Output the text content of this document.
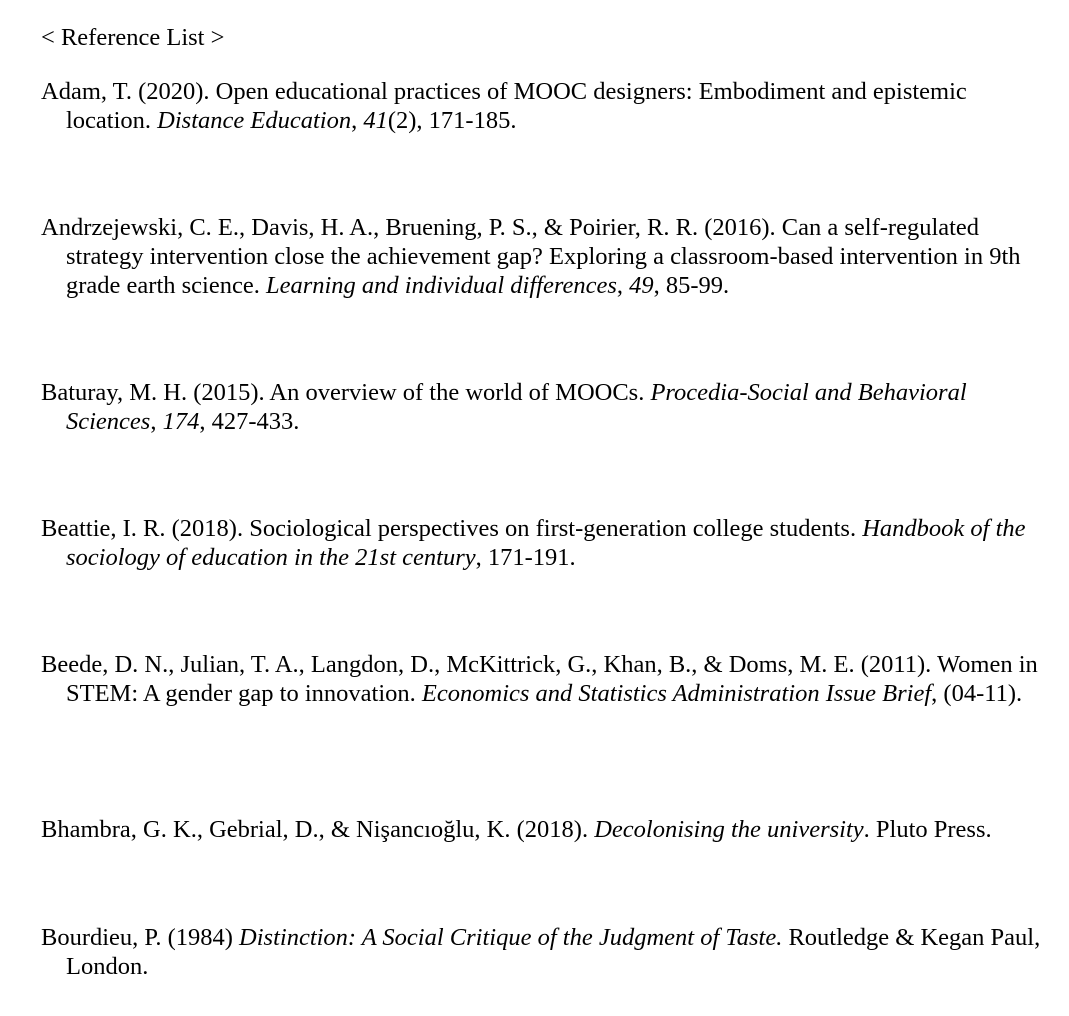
< Reference List >

Adam, T. (2020). Open educational practices of MOOC designers: Embodiment and epistemic location. Distance Education, 41(2), 171-185.

Andrzejewski, C. E., Davis, H. A., Bruening, P. S., & Poirier, R. R. (2016). Can a self-regulated strategy intervention close the achievement gap? Exploring a classroom-based intervention in 9th grade earth science. Learning and individual differences, 49, 85-99.

Baturay, M. H. (2015). An overview of the world of MOOCs. Procedia-Social and Behavioral Sciences, 174, 427-433.

Beattie, I. R. (2018). Sociological perspectives on first-generation college students. Handbook of the sociology of education in the 21st century, 171-191.

Beede, D. N., Julian, T. A., Langdon, D., McKittrick, G., Khan, B., & Doms, M. E. (2011). Women in STEM: A gender gap to innovation. Economics and Statistics Administration Issue Brief, (04-11).

Bhambra, G. K., Gebrial, D., & Nişancıoğlu, K. (2018). Decolonising the university. Pluto Press.

Bourdieu, P. (1984) Distinction: A Social Critique of the Judgment of Taste. Routledge & Kegan Paul, London.
